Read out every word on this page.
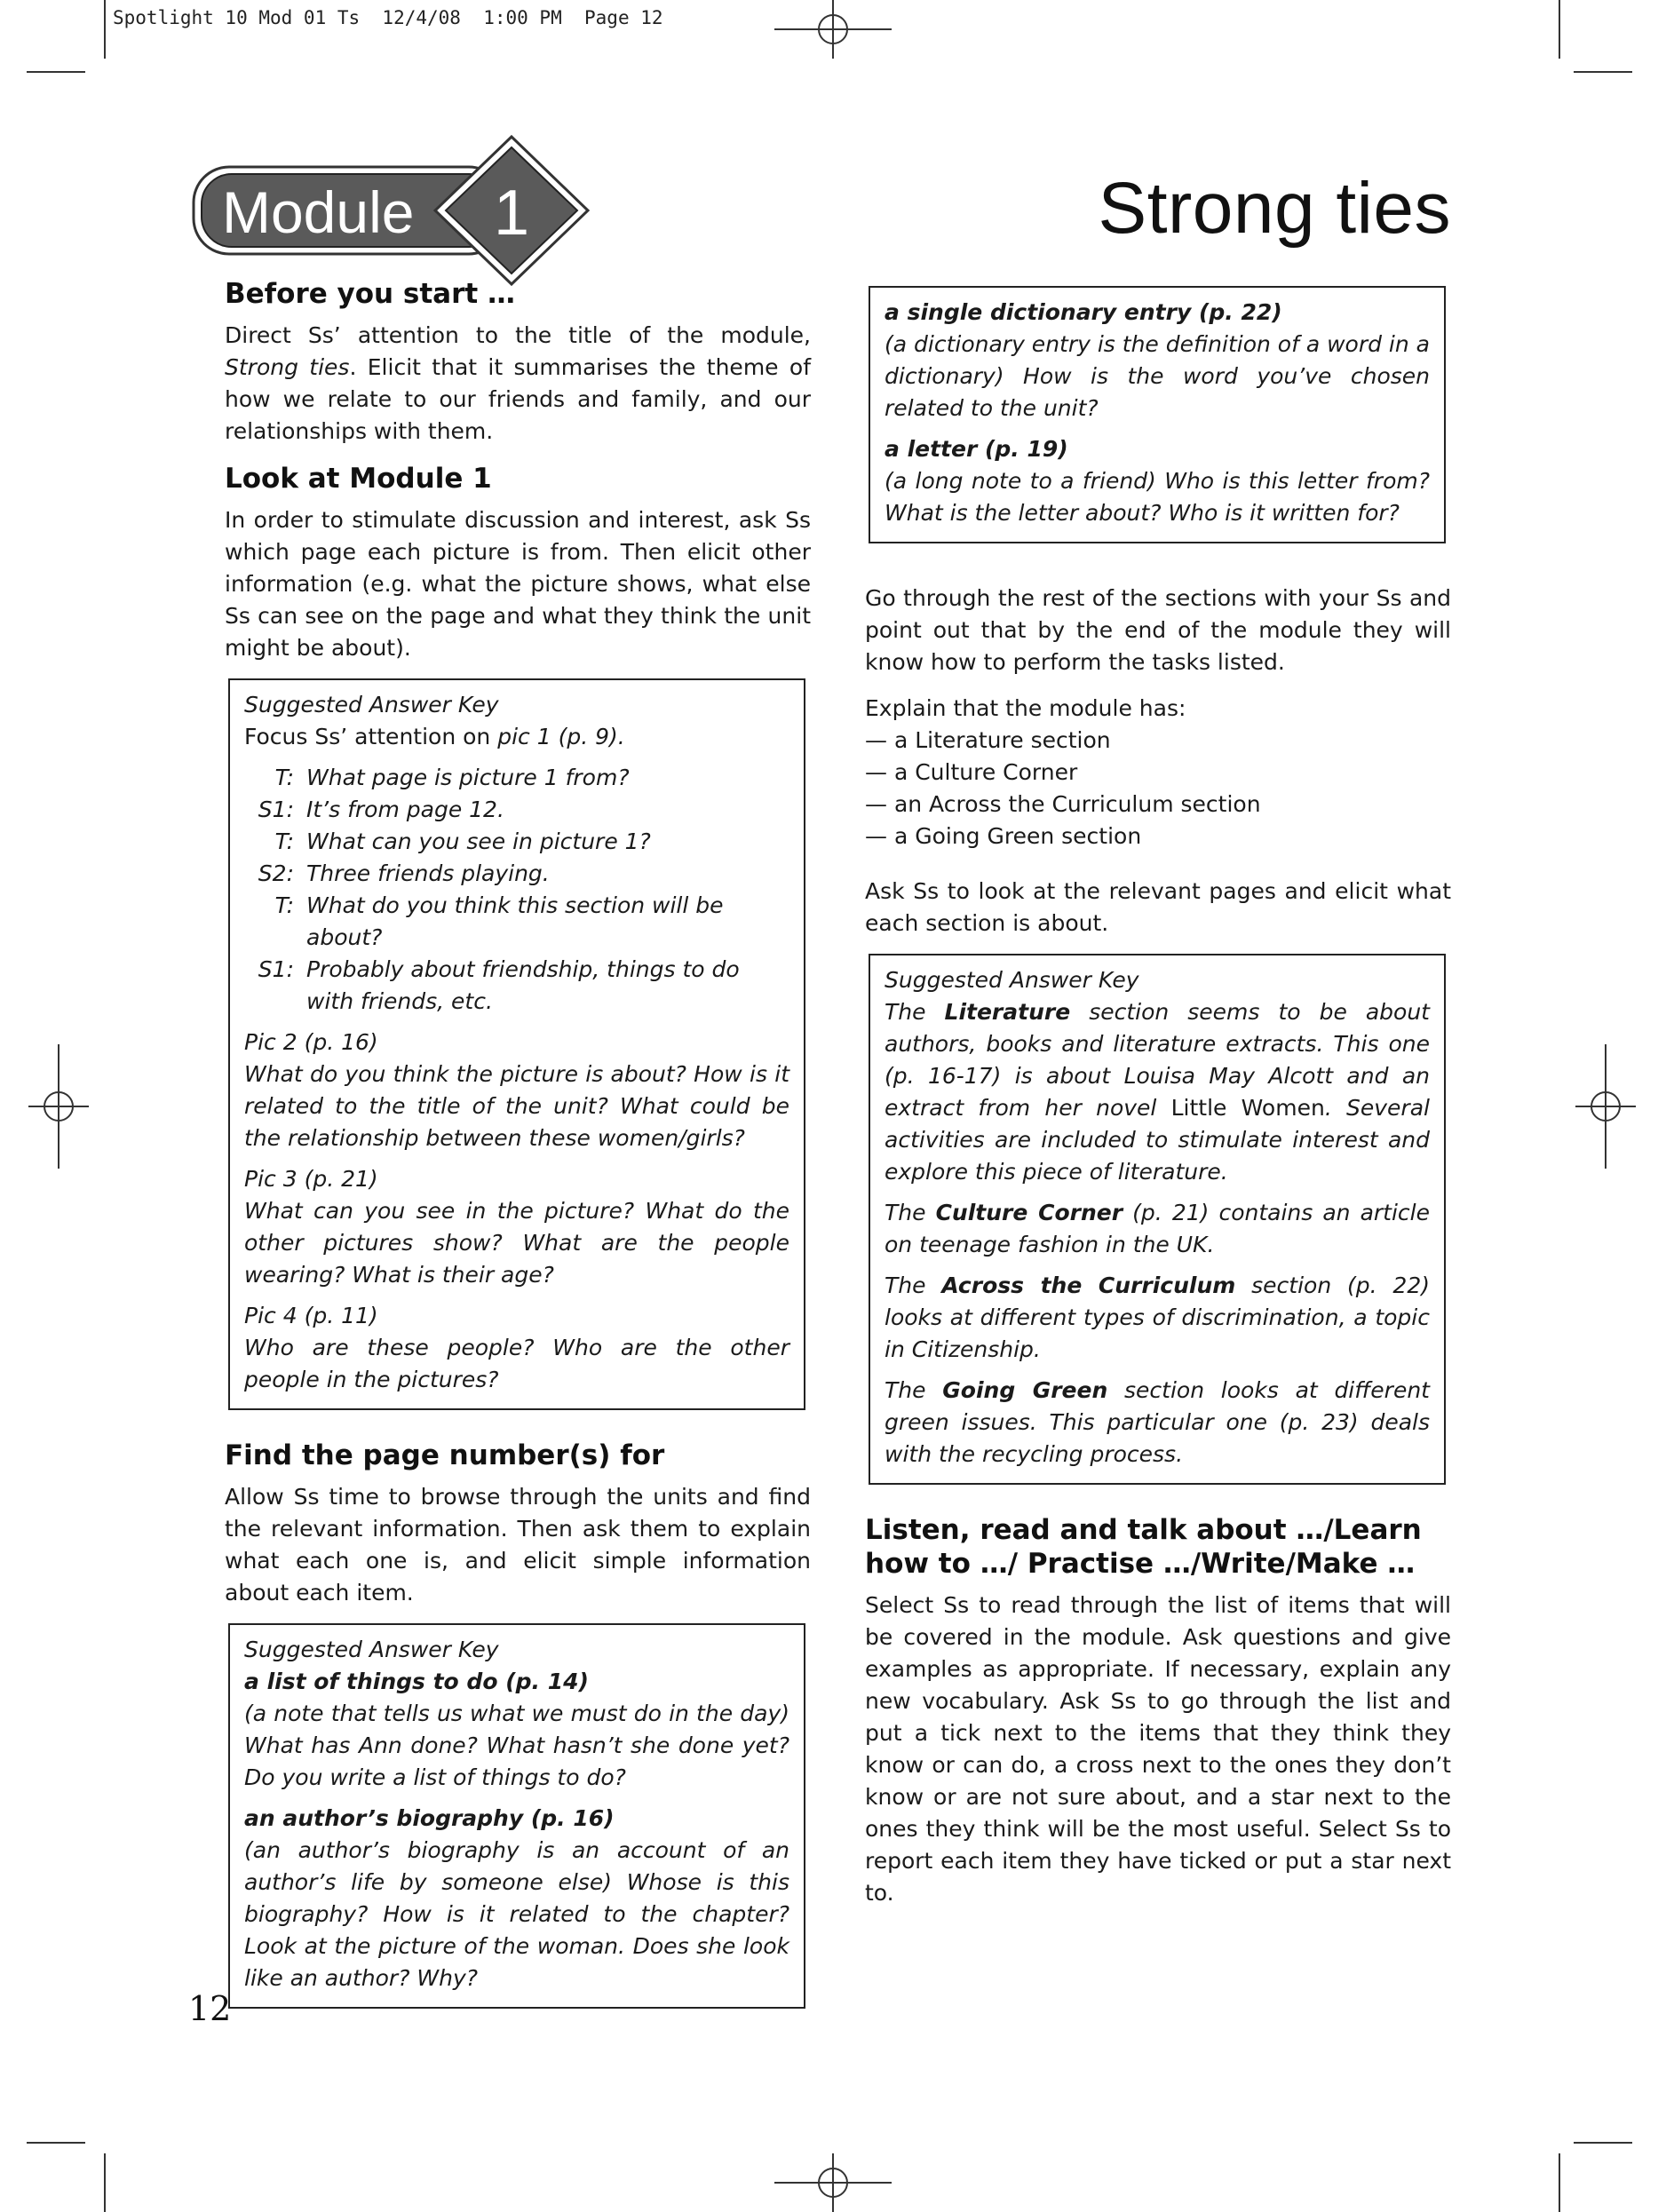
Spotlight 10 Mod 01 Ts  12/4/08  1:00 PM  Page 12
Module 1	Strong ties
Before you start …

Direct Ss’ attention to the title of the module, Strong ties. Elicit that it summarises the theme of how we relate to our friends and family, and our relationships with them.

Look at Module 1

In order to stimulate discussion and interest, ask Ss which page each picture is from. Then elicit other information (e.g. what the picture shows, what else Ss can see on the page and what they think the unit might be about).

Suggested Answer Key

Focus Ss’ attention on pic 1 (p. 9).

T: What page is picture 1 from?
S1: It’s from page 12.
T: What can you see in picture 1?
S2: Three friends playing.
T: What do you think this section will be about?
S1: Probably about friendship, things to do with friends, etc.

Pic 2 (p. 16)
What do you think the picture is about? How is it related to the title of the unit? What could be the relationship between these women/girls?

Pic 3 (p. 21)
What can you see in the picture? What do the other pictures show? What are the people wearing? What is their age?

Pic 4 (p. 11)
Who are these people? Who are the other people in the pictures?

Find the page number(s) for

Allow Ss time to browse through the units and find the relevant information. Then ask them to explain what each one is, and elicit simple information about each item.

Suggested Answer Key

a list of things to do (p. 14)
(a note that tells us what we must do in the day) What has Ann done? What hasn’t she done yet? Do you write a list of things to do?

an author’s biography (p. 16)
(an author’s biography is an account of an author’s life by someone else) Whose is this biography? How is it related to the chapter? Look at the picture of the woman. Does she look like an author? Why?

a single dictionary entry (p. 22)
(a dictionary entry is the definition of a word in a dictionary) How is the word you’ve chosen related to the unit?

a letter (p. 19)
(a long note to a friend) Who is this letter from? What is the letter about? Who is it written for?

Go through the rest of the sections with your Ss and point out that by the end of the module they will know how to perform the tasks listed.

Explain that the module has:
— a Literature section
— a Culture Corner
— an Across the Curriculum section
— a Going Green section

Ask Ss to look at the relevant pages and elicit what each section is about.

Suggested Answer Key

The Literature section seems to be about authors, books and literature extracts. This one (p. 16-17) is about Louisa May Alcott and an extract from her novel Little Women. Several activities are included to stimulate interest and explore this piece of literature.

The Culture Corner (p. 21) contains an article on teenage fashion in the UK.

The Across the Curriculum section (p. 22) looks at different types of discrimination, a topic in Citizenship.

The Going Green section looks at different green issues. This particular one (p. 23) deals with the recycling process.

Listen, read and talk about …/Learn how to …/ Practise …/Write/Make …

Select Ss to read through the list of items that will be covered in the module. Ask questions and give examples as appropriate. If necessary, explain any new vocabulary. Ask Ss to go through the list and put a tick next to the items that they think they know or can do, a cross next to the ones they don’t know or are not sure about, and a star next to the ones they think will be the most useful. Select Ss to report each item they have ticked or put a star next to.

12
